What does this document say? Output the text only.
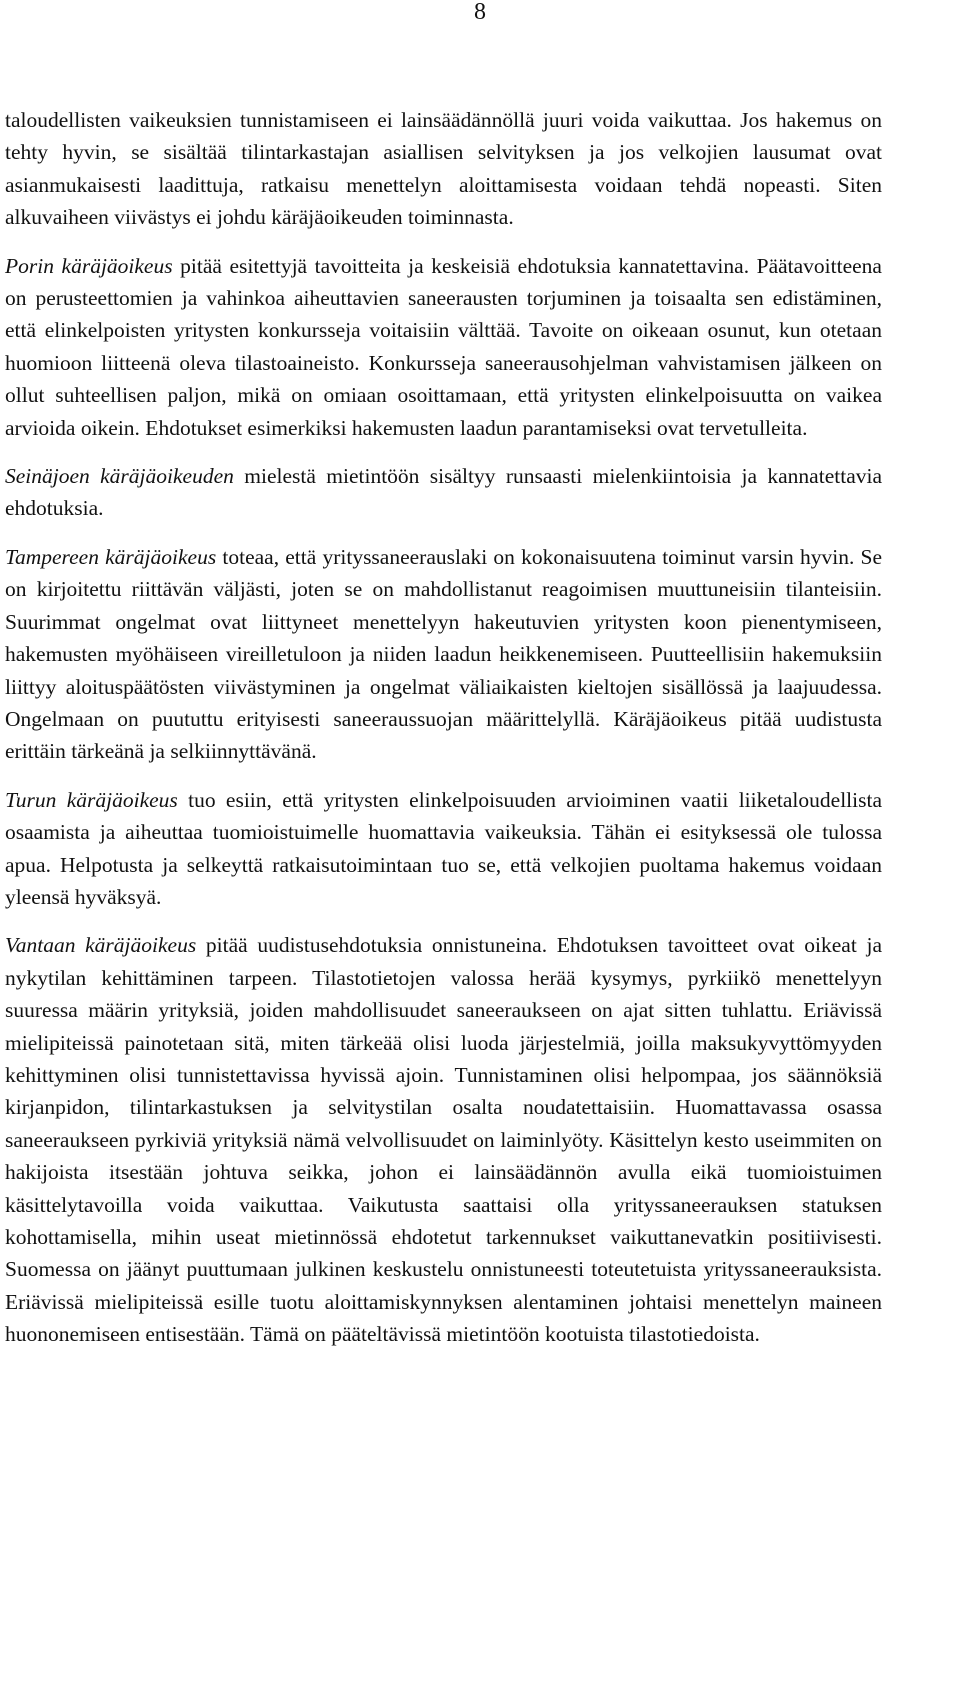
8

taloudellisten vaikeuksien tunnistamiseen ei lainsäädännöllä juuri voida vaikuttaa. Jos hakemus on tehty hyvin, se sisältää tilintarkastajan asiallisen selvityksen ja jos velkojien lausumat ovat asianmukaisesti laadittuja, ratkaisu menettelyn aloittamisesta voidaan tehdä nopeasti. Siten alkuvaiheen viivästys ei johdu käräjäoikeuden toiminnasta.

Porin käräjäoikeus pitää esitettyjä tavoitteita ja keskeisiä ehdotuksia kannatettavina. Päätavoitteena on perusteettomien ja vahinkoa aiheuttavien saneerausten torjuminen ja toisaalta sen edistäminen, että elinkelpoisten yritysten konkursseja voitaisiin välttää. Tavoite on oikeaan osunut, kun otetaan huomioon liitteenä oleva tilastoaineisto. Konkursseja saneerausohjelman vahvistamisen jälkeen on ollut suhteellisen paljon, mikä on omiaan osoittamaan, että yritysten elinkelpoisuutta on vaikea arvioida oikein. Ehdotukset esimerkiksi hakemusten laadun parantamiseksi ovat tervetulleita.

Seinäjoen käräjäoikeuden mielestä mietintöön sisältyy runsaasti mielenkiintoisia ja kannatettavia ehdotuksia.

Tampereen käräjäoikeus toteaa, että yrityssaneerauslaki on kokonaisuutena toiminut varsin hyvin. Se on kirjoitettu riittävän väljästi, joten se on mahdollistanut reagoimisen muuttuneisiin tilanteisiin. Suurimmat ongelmat ovat liittyneet menettelyyn hakeutuvien yritysten koon pienentymiseen, hakemusten myöhäiseen vireilletuloon ja niiden laadun heikkenemiseen. Puutteellisiin hakemuksiin liittyy aloituspäätösten viivästyminen ja ongelmat väliaikaisten kieltojen sisällössä ja laajuudessa. Ongelmaan on puututtu erityisesti saneeraussuojan määrittelyllä. Käräjäoikeus pitää uudistusta erittäin tärkeänä ja selkiinnyttävänä.

Turun käräjäoikeus tuo esiin, että yritysten elinkelpoisuuden arvioiminen vaatii liiketaloudellista osaamista ja aiheuttaa tuomioistuimelle huomattavia vaikeuksia. Tähän ei esityksessä ole tulossa apua. Helpotusta ja selkeyttä ratkaisutoimintaan tuo se, että velkojien puoltama hakemus voidaan yleensä hyväksyä.

Vantaan käräjäoikeus pitää uudistusehdotuksia onnistuneina. Ehdotuksen tavoitteet ovat oikeat ja nykytilan kehittäminen tarpeen. Tilastotietojen valossa herää kysymys, pyrkiikö menettelyyn suuressa määrin yrityksiä, joiden mahdollisuudet saneeraukseen on ajat sitten tuhlattu. Eriävissä mielipiteissä painotetaan sitä, miten tärkeää olisi luoda järjestelmiä, joilla maksukyvyttömyyden kehittyminen olisi tunnistettavissa hyvissä ajoin. Tunnistaminen olisi helpompaa, jos säännöksiä kirjanpidon, tilintarkastuksen ja selvitystilan osalta noudatettaisiin. Huomattavassa osassa saneeraukseen pyrkiviä yrityksiä nämä velvollisuudet on laiminlyöty. Käsittelyn kesto useimmiten on hakijoista itsestään johtuva seikka, johon ei lainsäädännön avulla eikä tuomioistuimen käsittelytavoilla voida vaikuttaa. Vaikutusta saattaisi olla yrityssaneerauksen statuksen kohottamisella, mihin useat mietinnössä ehdotetut tarkennukset vaikuttanevatkin positiivisesti. Suomessa on jäänyt puuttumaan julkinen keskustelu onnistuneesti toteutetuista yrityssaneerauksista. Eriävissä mielipiteissä esille tuotu aloittamiskynnyksen alentaminen johtaisi menettelyn maineen huononemiseen entisestään. Tämä on pääteltävissä mietintöön kootuista tilastotiedoista.
